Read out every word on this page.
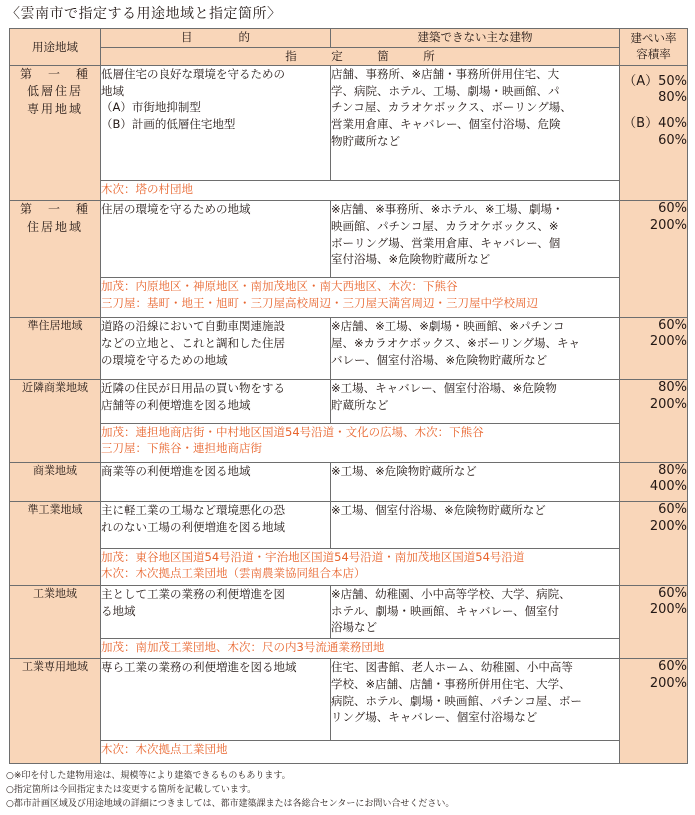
〈雲南市で指定する用途地域と指定箇所〉
用途地域	目　　　　的	建築できない主な建物	建ぺい率
容積率

	指　　　定　　　箇　　　所		

第　一　種
低層住居
専用地域	低層住宅の良好な環境を守るための
地域
（A）市街地抑制型
（B）計画的低層住宅地型	店舗、事務所、※店舗・事務所併用住宅、大
学、病院、ホテル、工場、劇場・映画館、パ
チンコ屋、カラオケボックス、ボーリング場、
営業用倉庫、キャバレー、個室付浴場、危険
物貯蔵所など	（A）50%
80%
（B）40%
60%

	木次：塔の村団地		

第　一　種
住居地域	住居の環境を守るための地域	※店舗、※事務所、※ホテル、※工場、劇場・
映画館、パチンコ屋、カラオケボックス、※
ボーリング場、営業用倉庫、キャバレー、個
室付浴場、※危険物貯蔵所など	60%
200%

	加茂：内原地区・神原地区・南加茂地区・南大西地区、木次：下熊谷
三刀屋：基町・地王・旭町・三刀屋高校周辺・三刀屋天満宮周辺・三刀屋中学校周辺		

準住居地域	道路の沿線において自動車関連施設
などの立地と、これと調和した住居
の環境を守るための地域	※店舗、※工場、※劇場・映画館、※パチンコ
屋、※カラオケボックス、※ボーリング場、キャ
バレー、個室付浴場、※危険物貯蔵所など	60%
200%

近隣商業地域	近隣の住民が日用品の買い物をする
店舗等の利便増進を図る地域	※工場、キャバレー、個室付浴場、※危険物
貯蔵所など	80%
200%

	加茂：連担地商店街・中村地区国道54号沿道・文化の広場、木次：下熊谷
三刀屋：下熊谷・連担地商店街		

商業地域	商業等の利便増進を図る地域	※工場、※危険物貯蔵所など	80%
400%

準工業地域	主に軽工業の工場など環境悪化の恐
れのない工場の利便増進を図る地域	※工場、個室付浴場、※危険物貯蔵所など	60%
200%

	加茂：東谷地区国道54号沿道・宇治地区国道54号沿道・南加茂地区国道54号沿道
木次：木次拠点工業団地（雲南農業協同組合本店）		

工業地域	主として工業の業務の利便増進を図
る地域	※店舗、幼稚園、小中高等学校、大学、病院、
ホテル、劇場・映画館、キャバレー、個室付
浴場など	60%
200%

	加茂：南加茂工業団地、木次：尺の内3号流通業務団地		

工業専用地域	専ら工業の業務の利便増進を図る地域	住宅、図書館、老人ホーム、幼稚園、小中高等
学校、※店舗、店舗・事務所併用住宅、大学、
病院、ホテル、劇場・映画館、パチンコ屋、ボー
リング場、キャバレー、個室付浴場など	60%
200%

	木次：木次拠点工業団地		
○※印を付した建物用途は、規模等により建築できるものもあります。
○指定箇所は今回指定または変更する箇所を記載しています。
○都市計画区域及び用途地域の詳細につきましては、都市建築課または各総合センターにお問い合せください。
